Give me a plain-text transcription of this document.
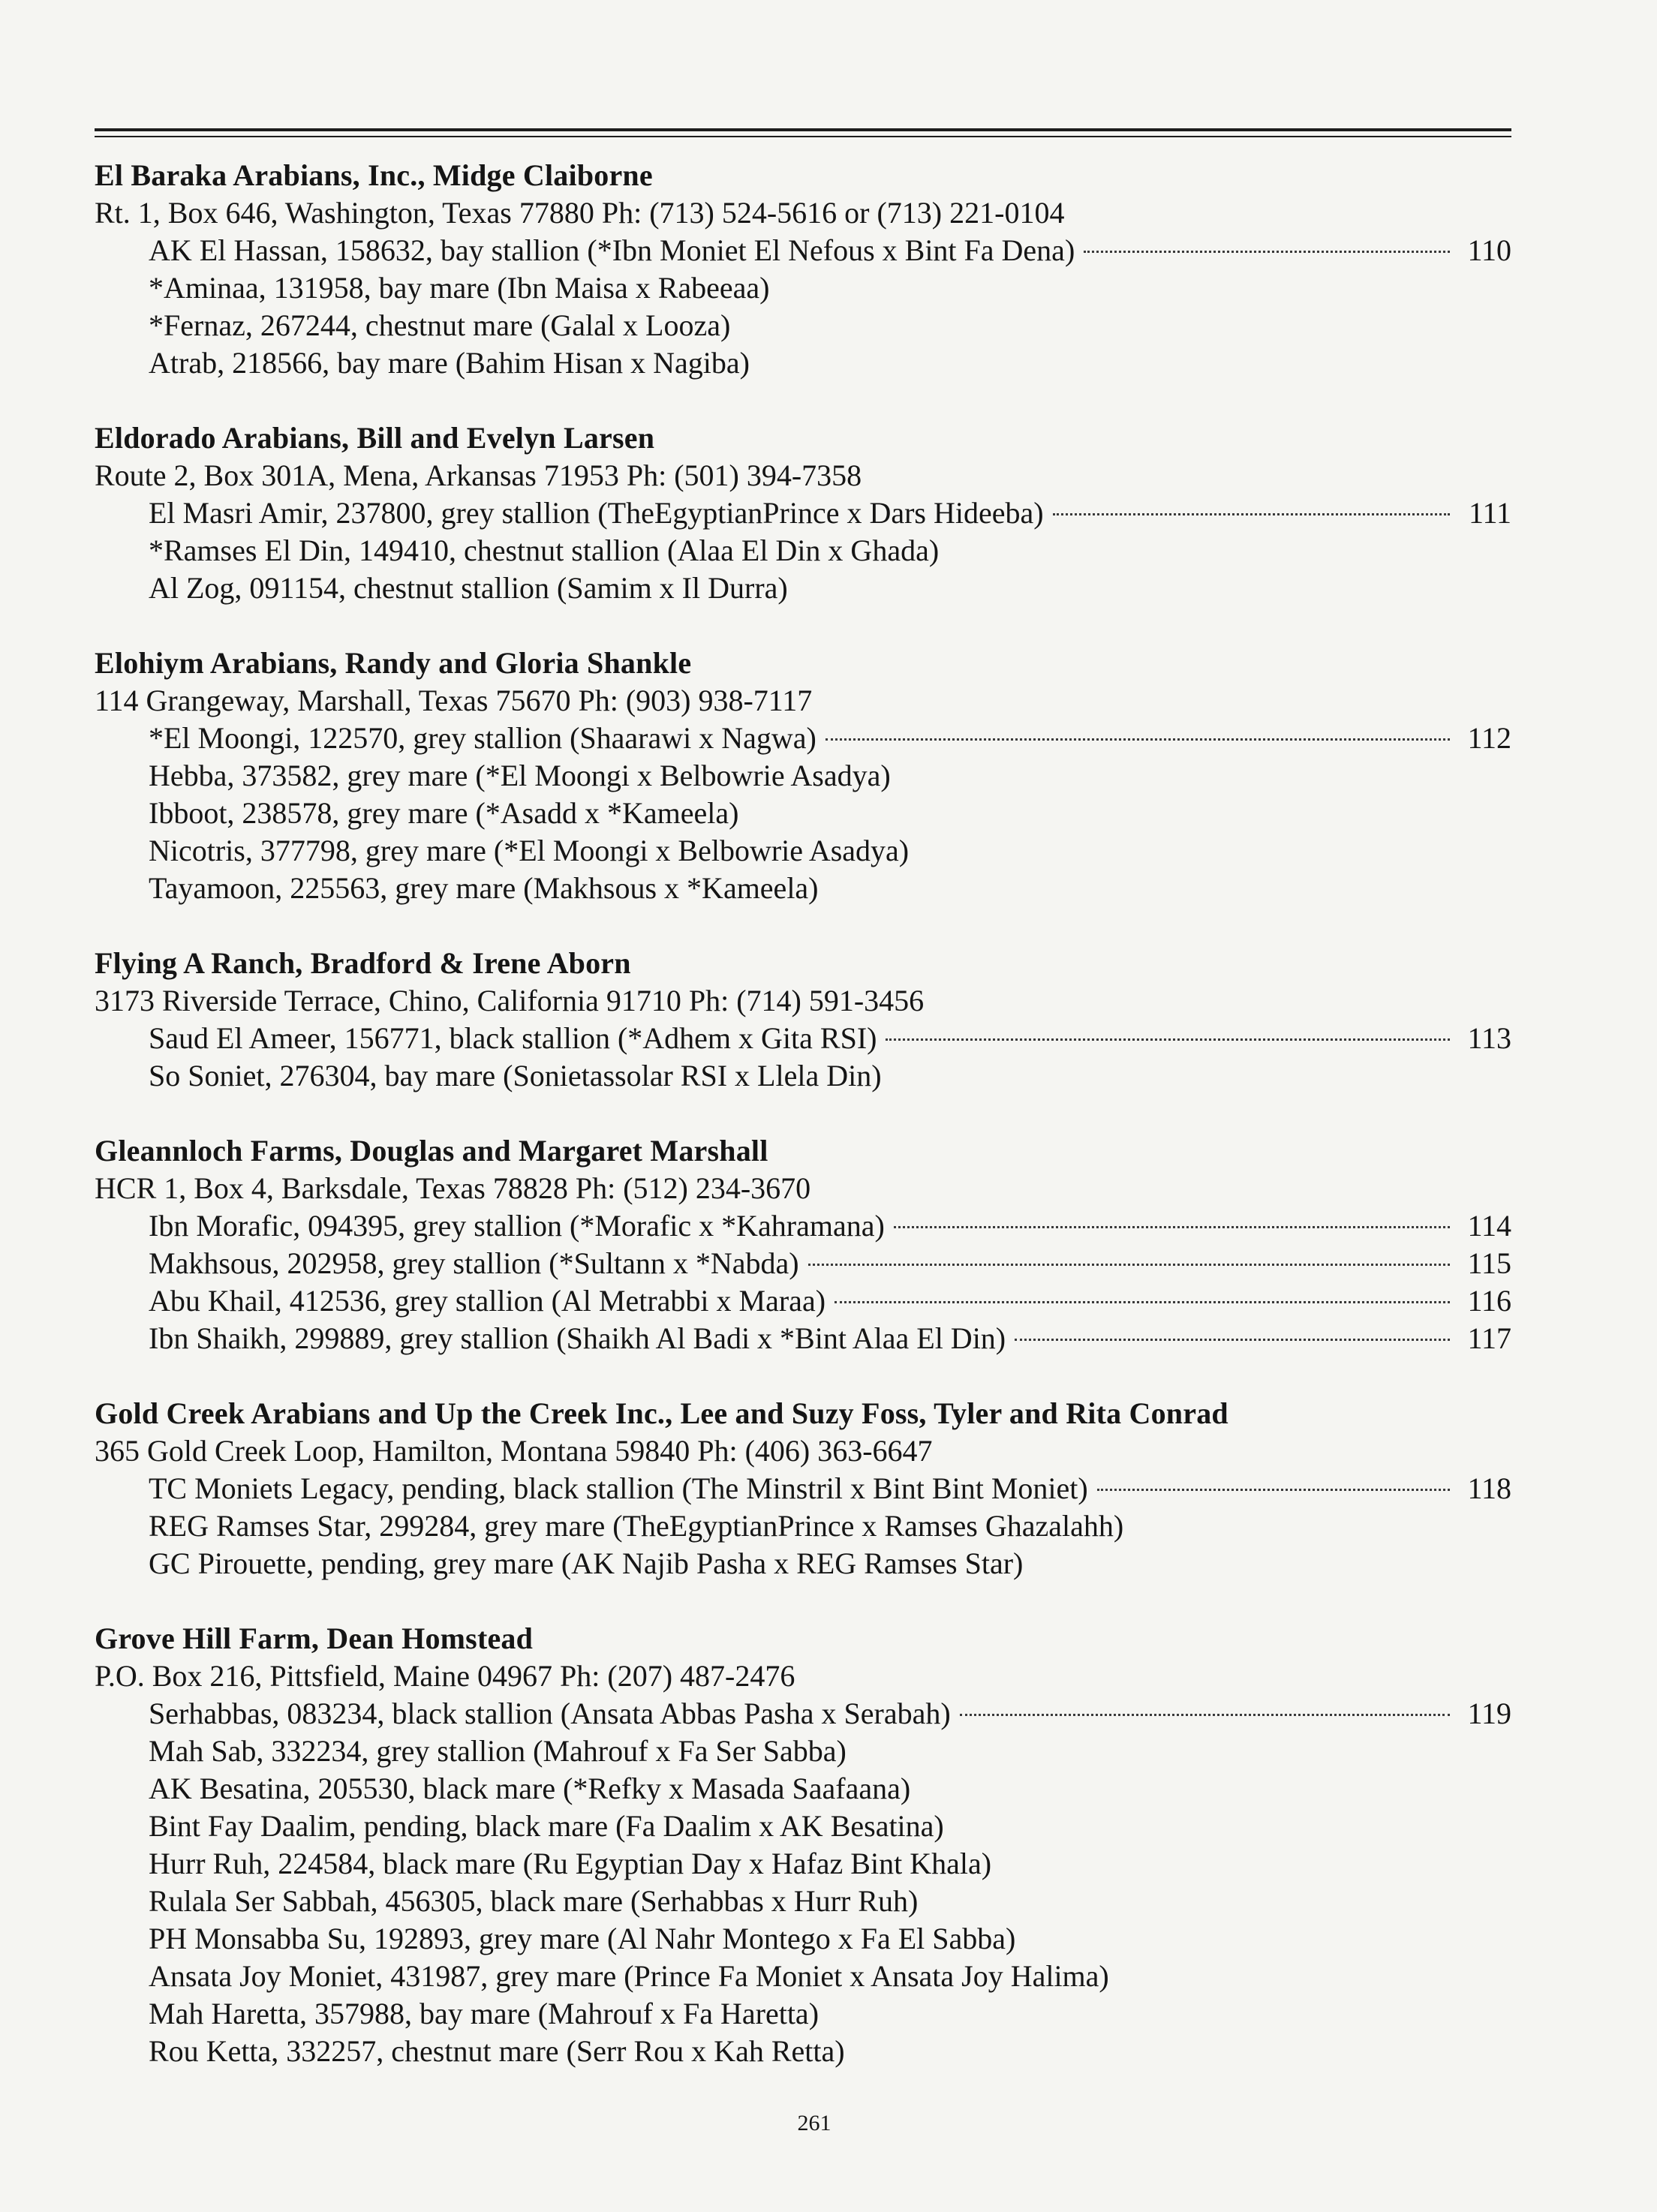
El Baraka Arabians, Inc., Midge Claiborne
Rt. 1, Box 646, Washington, Texas 77880 Ph: (713) 524-5616 or (713) 221-0104
AK El Hassan, 158632, bay stallion (*Ibn Moniet El Nefous x Bint Fa Dena)	110
*Aminaa, 131958, bay mare (Ibn Maisa x Rabeeaa)
*Fernaz, 267244, chestnut mare (Galal x Looza)
Atrab, 218566, bay mare (Bahim Hisan x Nagiba)
Eldorado Arabians, Bill and Evelyn Larsen
Route 2, Box 301A, Mena, Arkansas 71953 Ph: (501) 394-7358
El Masri Amir, 237800, grey stallion (TheEgyptianPrince x Dars Hideeba)	111
*Ramses El Din, 149410, chestnut stallion (Alaa El Din x Ghada)
Al Zog, 091154, chestnut stallion (Samim x Il Durra)
Elohiym Arabians, Randy and Gloria Shankle
114 Grangeway, Marshall, Texas 75670 Ph: (903) 938-7117
*El Moongi, 122570, grey stallion (Shaarawi x Nagwa)	112
Hebba, 373582, grey mare (*El Moongi x Belbowrie Asadya)
Ibboot, 238578, grey mare (*Asadd x *Kameela)
Nicotris, 377798, grey mare (*El Moongi x Belbowrie Asadya)
Tayamoon, 225563, grey mare (Makhsous x *Kameela)
Flying A Ranch, Bradford & Irene Aborn
3173 Riverside Terrace, Chino, California 91710 Ph: (714) 591-3456
Saud El Ameer, 156771, black stallion (*Adhem x Gita RSI)	113
So Soniet, 276304, bay mare (Sonietassolar RSI x Llela Din)
Gleannloch Farms, Douglas and Margaret Marshall
HCR 1, Box 4, Barksdale, Texas 78828 Ph: (512) 234-3670
Ibn Morafic, 094395, grey stallion (*Morafic x *Kahramana)	114
Makhsous, 202958, grey stallion (*Sultann x *Nabda)	115
Abu Khail, 412536, grey stallion (Al Metrabbi x Maraa)	116
Ibn Shaikh, 299889, grey stallion (Shaikh Al Badi x *Bint Alaa El Din)	117
Gold Creek Arabians and Up the Creek Inc., Lee and Suzy Foss, Tyler and Rita Conrad
365 Gold Creek Loop, Hamilton, Montana 59840 Ph: (406) 363-6647
TC Moniets Legacy, pending, black stallion (The Minstril x Bint Bint Moniet)	118
REG Ramses Star, 299284, grey mare (TheEgyptianPrince x Ramses Ghazalahh)
GC Pirouette, pending, grey mare (AK Najib Pasha x REG Ramses Star)
Grove Hill Farm, Dean Homstead
P.O. Box 216, Pittsfield, Maine 04967 Ph: (207) 487-2476
Serhabbas, 083234, black stallion (Ansata Abbas Pasha x Serabah)	119
Mah Sab, 332234, grey stallion (Mahrouf x Fa Ser Sabba)
AK Besatina, 205530, black mare (*Refky x Masada Saafaana)
Bint Fay Daalim, pending, black mare (Fa Daalim x AK Besatina)
Hurr Ruh, 224584, black mare (Ru Egyptian Day x Hafaz Bint Khala)
Rulala Ser Sabbah, 456305, black mare (Serhabbas x Hurr Ruh)
PH Monsabba Su, 192893, grey mare (Al Nahr Montego x Fa El Sabba)
Ansata Joy Moniet, 431987, grey mare (Prince Fa Moniet x Ansata Joy Halima)
Mah Haretta, 357988, bay mare (Mahrouf x Fa Haretta)
Rou Ketta, 332257, chestnut mare (Serr Rou x Kah Retta)
261
